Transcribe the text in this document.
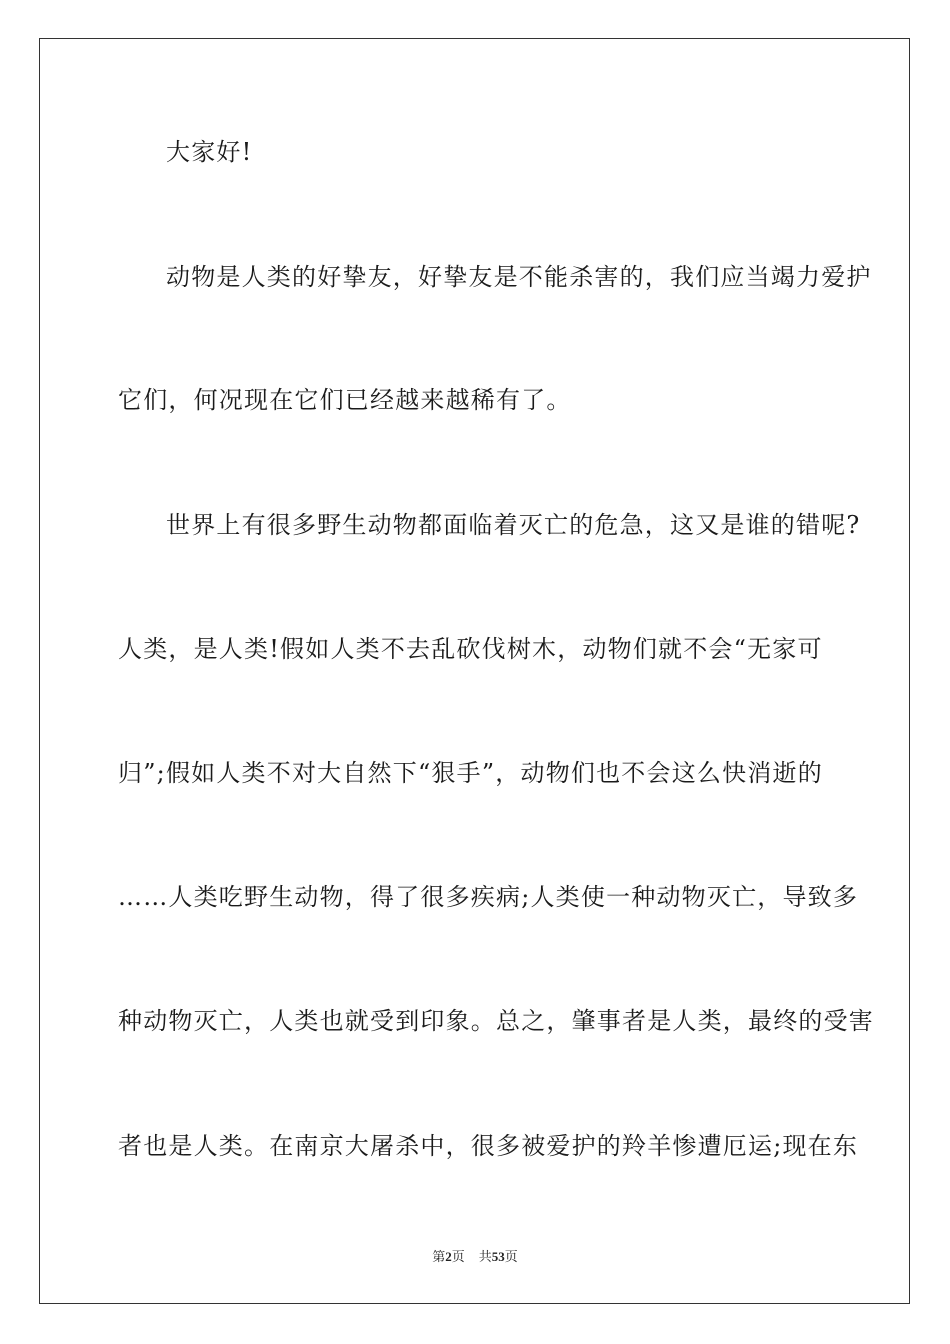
大家好!
动物是人类的好挚友，好挚友是不能杀害的，我们应当竭力爱护
它们，何况现在它们已经越来越稀有了。
世界上有很多野生动物都面临着灭亡的危急，这又是谁的错呢?
人类，是人类!假如人类不去乱砍伐树木，动物们就不会“无家可
归”;假如人类不对大自然下“狠手”，动物们也不会这么快消逝的
……人类吃野生动物，得了很多疾病;人类使一种动物灭亡，导致多
种动物灭亡，人类也就受到印象。总之，肇事者是人类，最终的受害
者也是人类。在南京大屠杀中，很多被爱护的羚羊惨遭厄运;现在东
第2页 共53页
